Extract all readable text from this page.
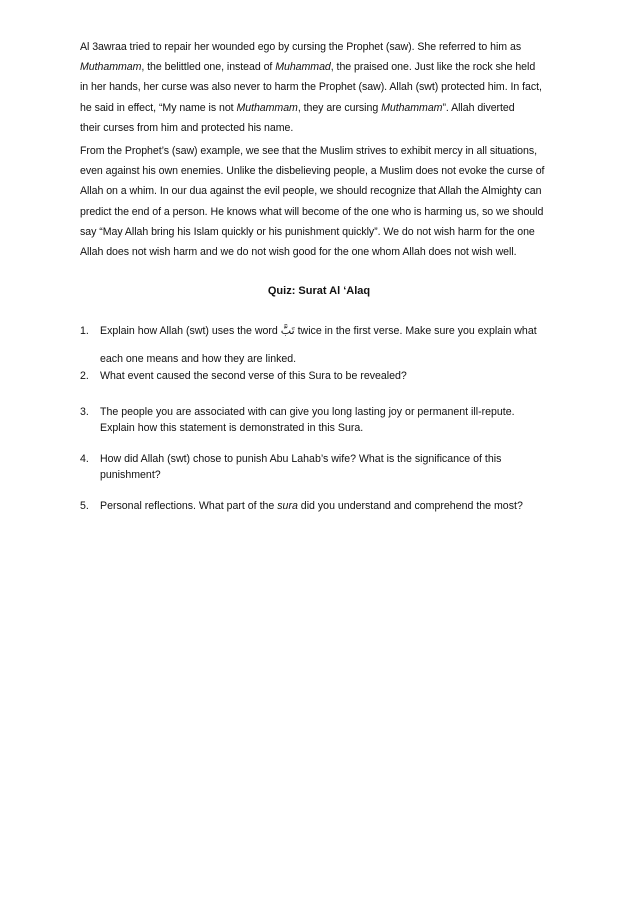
Al 3awraa tried to repair her wounded ego by cursing the Prophet (saw). She referred to him as
Muthammam, the belittled one, instead of Muhammad, the praised one. Just like the rock she held
in her hands, her curse was also never to harm the Prophet (saw). Allah (swt) protected him. In fact,
he said in effect, “My name is not Muthammam, they are cursing Muthammam”. Allah diverted
their curses from him and protected his name.
From the Prophet’s (saw) example, we see that the Muslim strives to exhibit mercy in all situations,
even against his own enemies. Unlike the disbelieving people, a Muslim does not evoke the curse of
Allah on a whim. In our dua against the evil people, we should recognize that Allah the Almighty can
predict the end of a person. He knows what will become of the one who is harming us, so we should
say “May Allah bring his Islam quickly or his punishment quickly”. We do not wish harm for the one
Allah does not wish harm and we do not wish good for the one whom Allah does not wish well.
Quiz: Surat Al ‘Alaq
1.	Explain how Allah (swt) uses the word تَبَّ twice in the first verse. Make sure you explain what
each one means and how they are linked.
2.	What event caused the second verse of this Sura to be revealed?
3.	The people you are associated with can give you long lasting joy or permanent ill-repute.
Explain how this statement is demonstrated in this Sura.
4.	How did Allah (swt) chose to punish Abu Lahab’s wife? What is the significance of this
punishment?
5.	Personal reflections. What part of the sura did you understand and comprehend the most?
